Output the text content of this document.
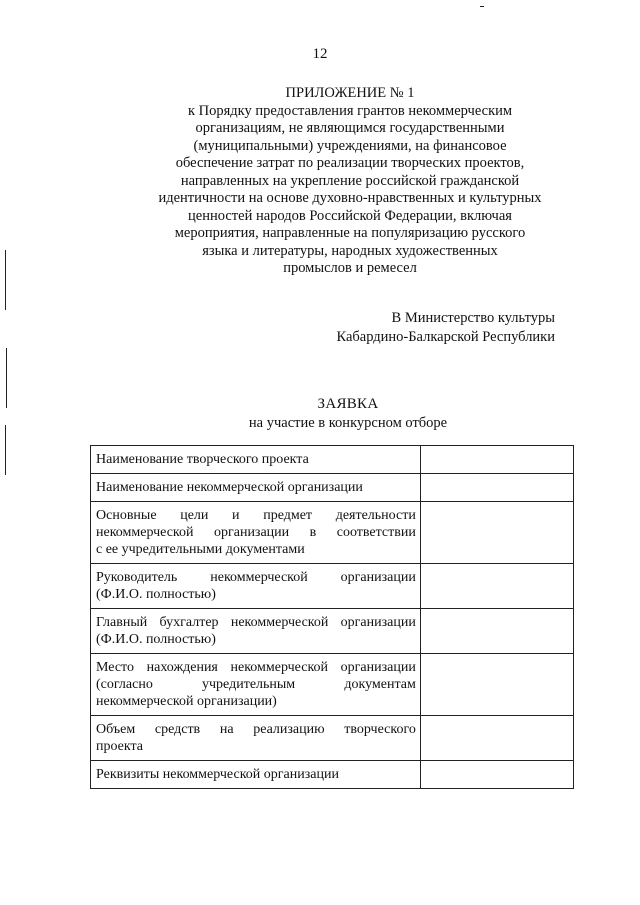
12
ПРИЛОЖЕНИЕ № 1
к Порядку предоставления грантов некоммерческим
организациям, не являющимся государственными
(муниципальными) учреждениями, на финансовое
обеспечение затрат по реализации творческих проектов,
направленных на укрепление российской гражданской
идентичности на основе духовно-нравственных и культурных
ценностей народов Российской Федерации, включая
мероприятия, направленные на популяризацию русского
языка и литературы, народных художественных
промыслов и ремесел
В Министерство культуры
Кабардино-Балкарской Республики
ЗАЯВКА
на участие в конкурсном отборе
Наименование творческого проекта	

Наименование некоммерческой организации	

Основные цели и предмет деятельности
некоммерческой организации в соответствии
с ее учредительными документами	

Руководитель некоммерческой организации
(Ф.И.О. полностью)	

Главный бухгалтер некоммерческой организации
(Ф.И.О. полностью)	

Место нахождения некоммерческой организации
(согласно учредительным документам
некоммерческой организации)	

Объем средств на реализацию творческого
проекта	

Реквизиты некоммерческой организации	
